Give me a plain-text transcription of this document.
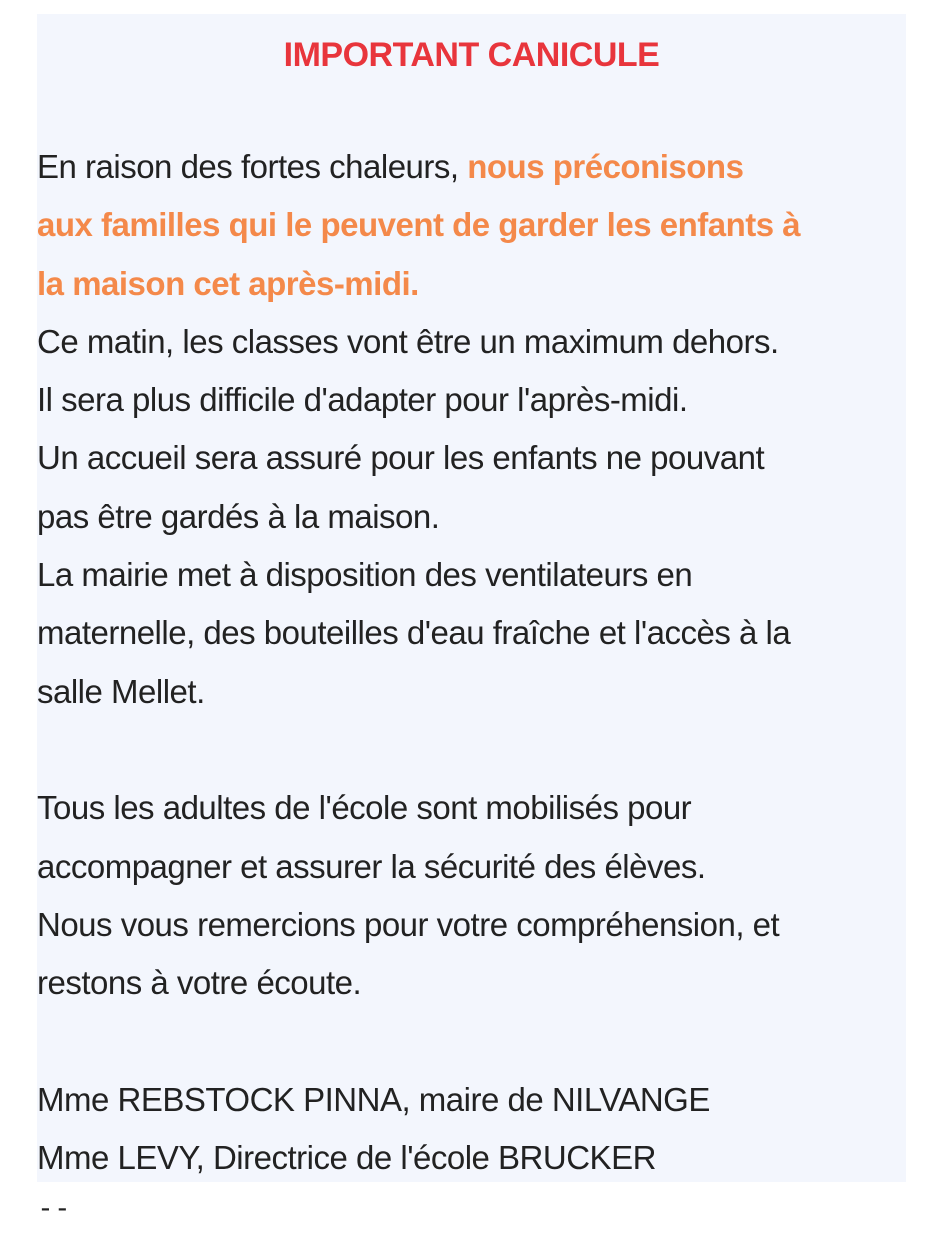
IMPORTANT CANICULE
En raison des fortes chaleurs, nous préconisons
aux familles qui le peuvent de garder les enfants à
la maison cet après-midi.
Ce matin, les classes vont être un maximum dehors.
Il sera plus difficile d'adapter pour l'après-midi.
Un accueil sera assuré pour les enfants ne pouvant
pas être gardés à la maison.
La mairie met à disposition des ventilateurs en
maternelle, des bouteilles d'eau fraîche et l'accès à la
salle Mellet.
Tous les adultes de l'école sont mobilisés pour
accompagner et assurer la sécurité des élèves.
Nous vous remercions pour votre compréhension, et
restons à votre écoute.
Mme REBSTOCK PINNA, maire de NILVANGE
Mme LEVY, Directrice de l'école BRUCKER
--
